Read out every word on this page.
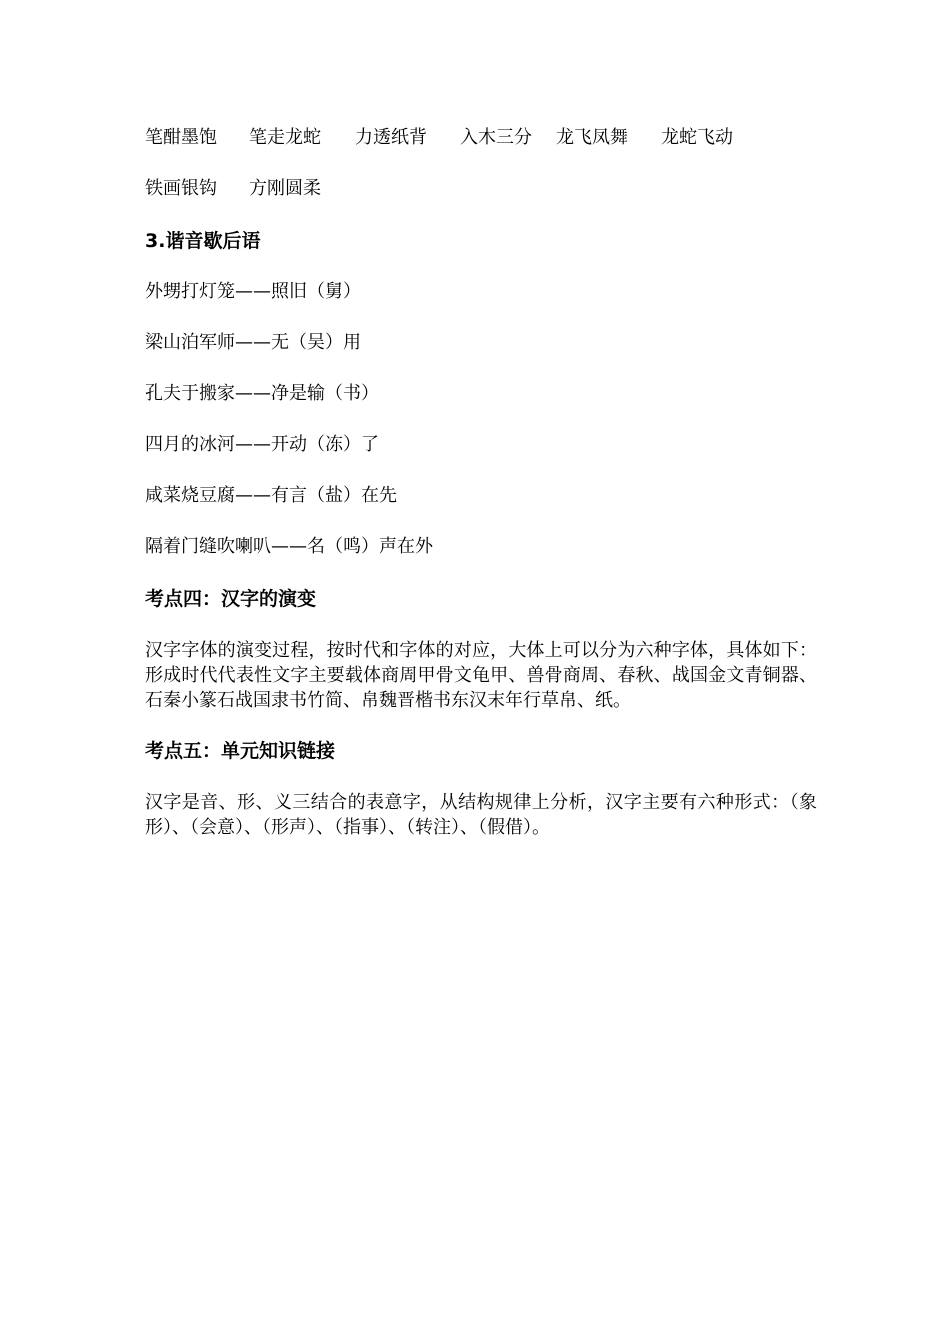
笔酣墨饱 笔走龙蛇 力透纸背 入木三分 龙飞凤舞 龙蛇飞动
铁画银钩 方刚圆柔
3.谐音歇后语
外甥打灯笼——照旧（舅）
梁山泊军师——无（吴）用
孔夫于搬家——净是输（书）
四月的冰河——开动（冻）了
咸菜烧豆腐——有言（盐）在先
隔着门缝吹喇叭——名（鸣）声在外
考点四：汉字的演变
汉字字体的演变过程，按时代和字体的对应，大体上可以分为六种字体，具体如下：形成时代代表性文字主要载体商周甲骨文龟甲、兽骨商周、春秋、战国金文青铜器、石秦小篆石战国隶书竹简、帛魏晋楷书东汉末年行草帛、纸。
考点五：单元知识链接
汉字是音、形、义三结合的表意字，从结构规律上分析，汉字主要有六种形式：（象形）、（会意）、（形声）、（指事）、（转注）、（假借）。
